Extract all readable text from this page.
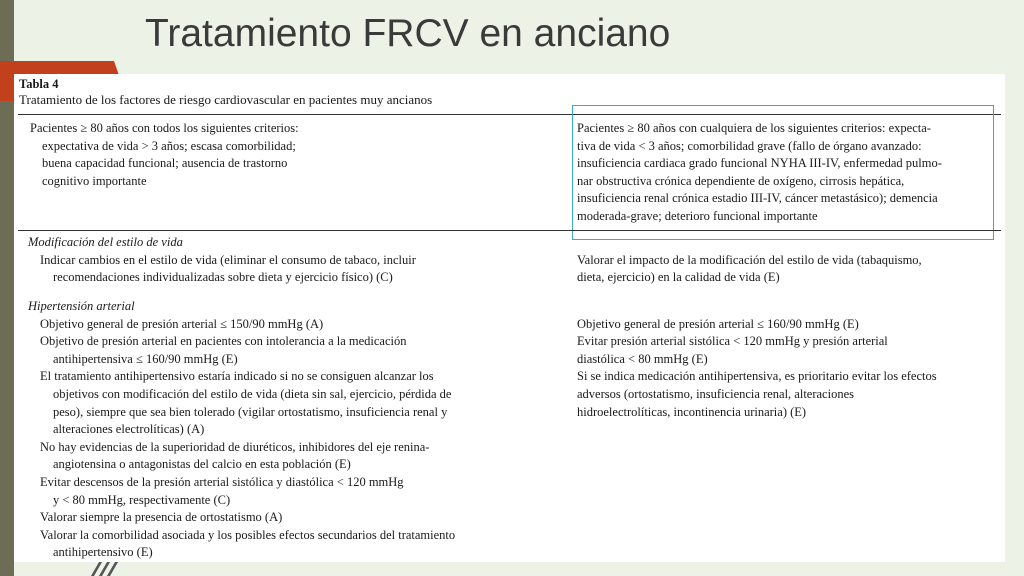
Tratamiento FRCV en anciano
Tabla 4
Tratamiento de los factores de riesgo cardiovascular en pacientes muy ancianos
Pacientes ≥ 80 años con todos los siguientes criterios:
expectativa de vida > 3 años; escasa comorbilidad;
buena capacidad funcional; ausencia de trastorno
cognitivo importante
Pacientes ≥ 80 años con cualquiera de los siguientes criterios: expecta-
tiva de vida < 3 años; comorbilidad grave (fallo de órgano avanzado:
insuficiencia cardiaca grado funcional NYHA III-IV, enfermedad pulmo-
nar obstructiva crónica dependiente de oxígeno, cirrosis hepática,
insuficiencia renal crónica estadio III-IV, cáncer metastásico); demencia
moderada-grave; deterioro funcional importante
Modificación del estilo de vida
Indicar cambios en el estilo de vida (eliminar el consumo de tabaco, incluir
recomendaciones individualizadas sobre dieta y ejercicio físico) (C)
Valorar el impacto de la modificación del estilo de vida (tabaquismo,
dieta, ejercicio) en la calidad de vida (E)
Hipertensión arterial
Objetivo general de presión arterial ≤ 150/90 mmHg (A)
Objetivo de presión arterial en pacientes con intolerancia a la medicación
antihipertensiva ≤ 160/90 mmHg (E)
El tratamiento antihipertensivo estaría indicado si no se consiguen alcanzar los
objetivos con modificación del estilo de vida (dieta sin sal, ejercicio, pérdida de
peso), siempre que sea bien tolerado (vigilar ortostatismo, insuficiencia renal y
alteraciones electrolíticas) (A)
No hay evidencias de la superioridad de diuréticos, inhibidores del eje renina-
angiotensina o antagonistas del calcio en esta población (E)
Evitar descensos de la presión arterial sistólica y diastólica < 120 mmHg
y < 80 mmHg, respectivamente (C)
Valorar siempre la presencia de ortostatismo (A)
Valorar la comorbilidad asociada y los posibles efectos secundarios del tratamiento
antihipertensivo (E)
Objetivo general de presión arterial ≤ 160/90 mmHg (E)
Evitar presión arterial sistólica < 120 mmHg y presión arterial
diastólica < 80 mmHg (E)
Si se indica medicación antihipertensiva, es prioritario evitar los efectos
adversos (ortostatismo, insuficiencia renal, alteraciones
hidroelectrolíticas, incontinencia urinaria) (E)
